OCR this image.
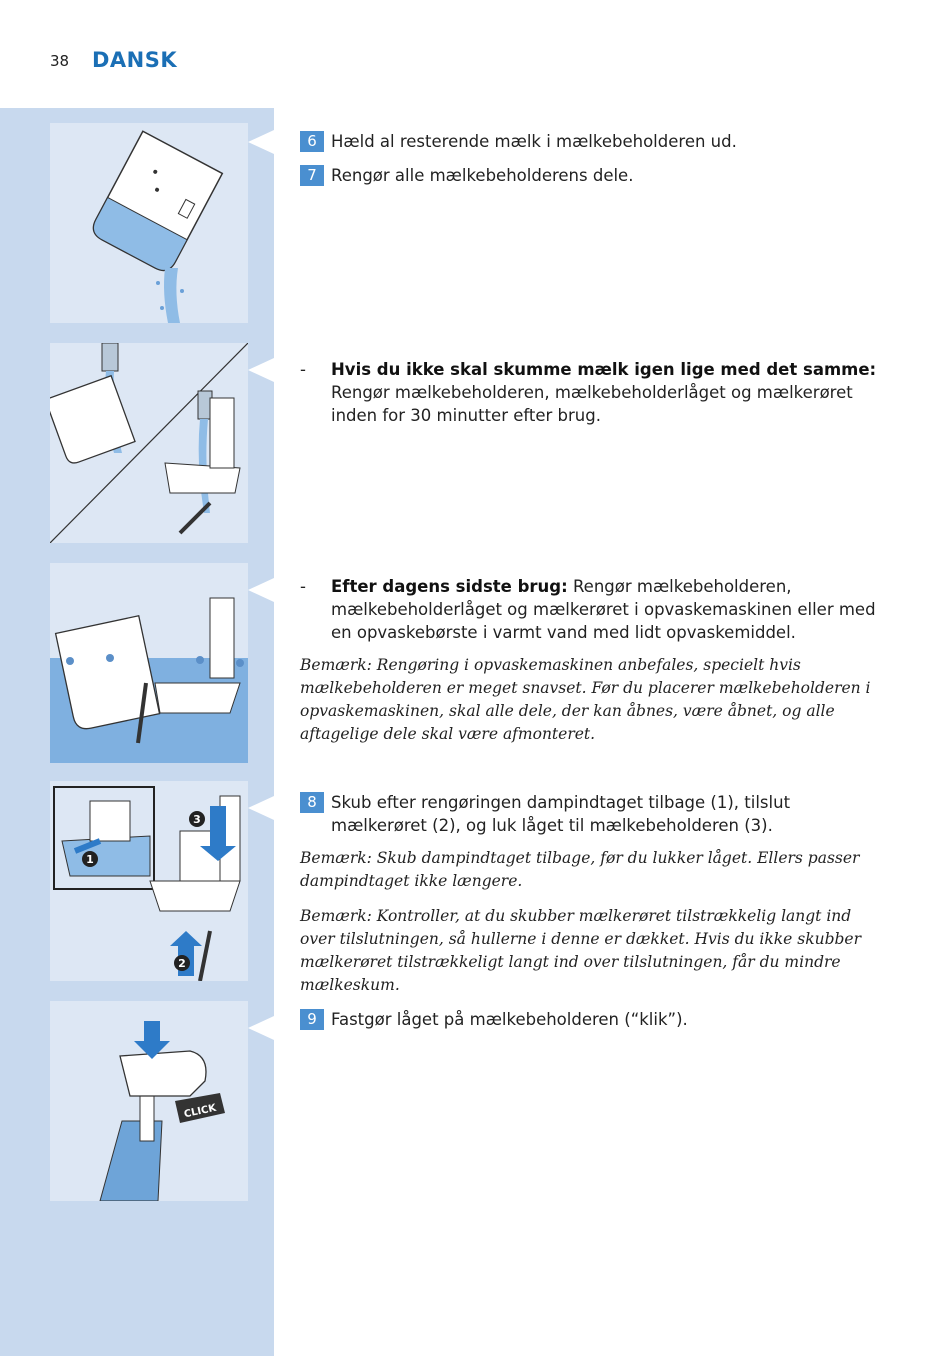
38 DANSK
1
2
3
CLICK
6 Hæld al resterende mælk i mælkebeholderen ud.
7 Rengør alle mælkebeholderens dele.
- Hvis du ikke skal skumme mælk igen lige med det samme: Rengør mælkebeholderen, mælkebeholderlåget og mælkerøret inden for 30 minutter efter brug.
- Efter dagens sidste brug: Rengør mælkebeholderen, mælkebeholderlåget og mælkerøret i opvaskemaskinen eller med en opvaskebørste i varmt vand med lidt opvaskemiddel.
Bemærk: Rengøring i opvaskemaskinen anbefales, specielt hvis mælkebeholderen er meget snavset. Før du placerer mælkebeholderen i opvaskemaskinen, skal alle dele, der kan åbnes, være åbnet, og alle aftagelige dele skal være afmonteret.
8 Skub efter rengøringen dampindtaget tilbage (1), tilslut mælkerøret (2), og luk låget til mælkebeholderen (3).
Bemærk: Skub dampindtaget tilbage, før du lukker låget. Ellers passer dampindtaget ikke længere.
Bemærk: Kontroller, at du skubber mælkerøret tilstrækkelig langt ind over tilslutningen, så hullerne i denne er dækket. Hvis du ikke skubber mælkerøret tilstrækkeligt langt ind over tilslutningen, får du mindre mælkeskum.
9 Fastgør låget på mælkebeholderen (“klik”).
